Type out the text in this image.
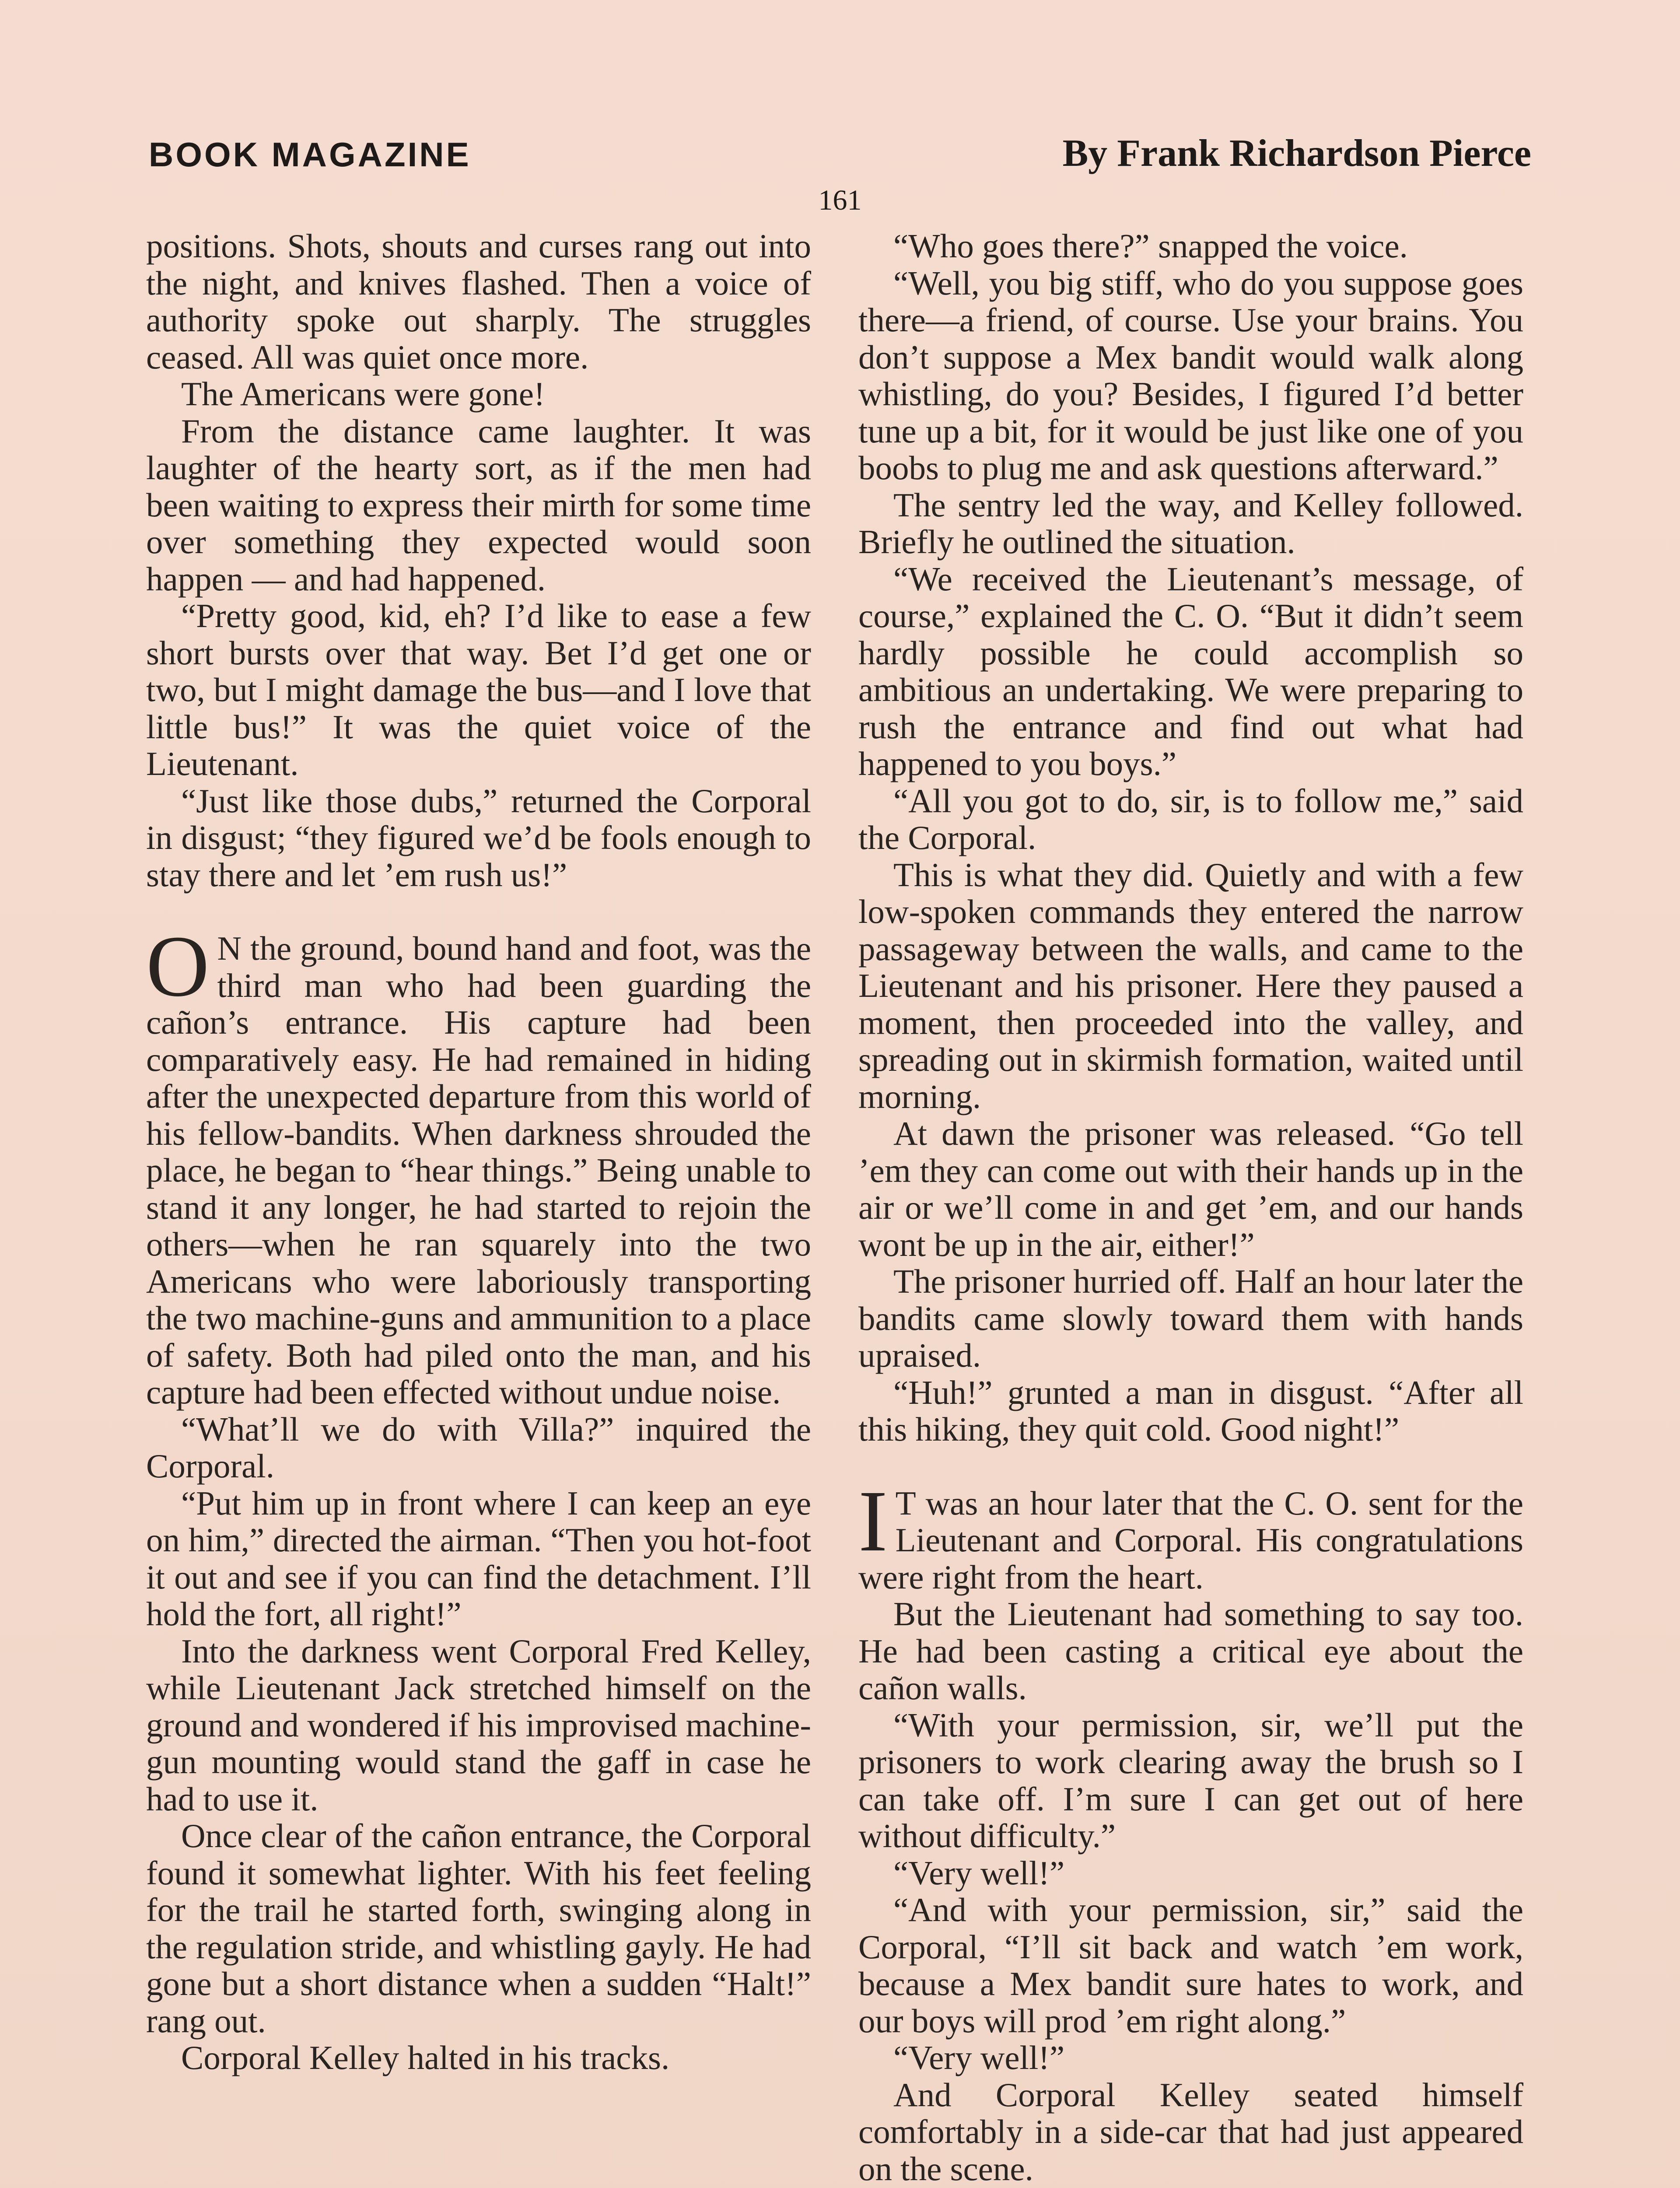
BOOK MAGAZINE	By Frank Richardson Pierce
161

positions. Shots, shouts and curses rang out into the night, and knives flashed. Then a voice of authority spoke out sharply. The struggles ceased. All was quiet once more.

The Americans were gone!

From the distance came laughter. It was laughter of the hearty sort, as if the men had been waiting to express their mirth for some time over something they expected would soon happen — and had happened.

“Pretty good, kid, eh? I’d like to ease a few short bursts over that way. Bet I’d get one or two, but I might damage the bus—and I love that little bus!” It was the quiet voice of the Lieutenant.

“Just like those dubs,” returned the Corporal in disgust; “they figured we’d be fools enough to stay there and let ’em rush us!”

O N the ground, bound hand and foot, was the third man who had been guarding the cañon’s entrance. His capture had been comparatively easy. He had remained in hiding after the unexpected departure from this world of his fellow-bandits. When darkness shrouded the place, he began to “hear things.” Being unable to stand it any longer, he had started to rejoin the others—when he ran squarely into the two Americans who were laboriously transporting the two machine-guns and ammunition to a place of safety. Both had piled onto the man, and his capture had been effected without undue noise.

“What’ll we do with Villa?” inquired the Corporal.

“Put him up in front where I can keep an eye on him,” directed the airman. “Then you hot-foot it out and see if you can find the detachment. I’ll hold the fort, all right!”

Into the darkness went Corporal Fred Kelley, while Lieutenant Jack stretched himself on the ground and wondered if his improvised machine-gun mounting would stand the gaff in case he had to use it.

Once clear of the cañon entrance, the Corporal found it somewhat lighter. With his feet feeling for the trail he started forth, swinging along in the regulation stride, and whistling gayly. He had gone but a short distance when a sudden “Halt!” rang out.

Corporal Kelley halted in his tracks.

“Who goes there?” snapped the voice.

“Well, you big stiff, who do you suppose goes there—a friend, of course. Use your brains. You don’t suppose a Mex bandit would walk along whistling, do you? Besides, I figured I’d better tune up a bit, for it would be just like one of you boobs to plug me and ask questions afterward.”

The sentry led the way, and Kelley followed. Briefly he outlined the situation.

“We received the Lieutenant’s message, of course,” explained the C. O. “But it didn’t seem hardly possible he could accomplish so ambitious an undertaking. We were preparing to rush the entrance and find out what had happened to you boys.”

“All you got to do, sir, is to follow me,” said the Corporal.

This is what they did. Quietly and with a few low-spoken commands they entered the narrow passageway between the walls, and came to the Lieutenant and his prisoner. Here they paused a moment, then proceeded into the valley, and spreading out in skirmish formation, waited until morning.

At dawn the prisoner was released. “Go tell ’em they can come out with their hands up in the air or we’ll come in and get ’em, and our hands wont be up in the air, either!”

The prisoner hurried off. Half an hour later the bandits came slowly toward them with hands upraised.

“Huh!” grunted a man in disgust. “After all this hiking, they quit cold. Good night!”

I T was an hour later that the C. O. sent for the Lieutenant and Corporal. His congratulations were right from the heart.

But the Lieutenant had something to say too. He had been casting a critical eye about the cañon walls.

“With your permission, sir, we’ll put the prisoners to work clearing away the brush so I can take off. I’m sure I can get out of here without difficulty.”

“Very well!”

“And with your permission, sir,” said the Corporal, “I’ll sit back and watch ’em work, because a Mex bandit sure hates to work, and our boys will prod ’em right along.”

“Very well!”

And Corporal Kelley seated himself comfortably in a side-car that had just appeared on the scene.
